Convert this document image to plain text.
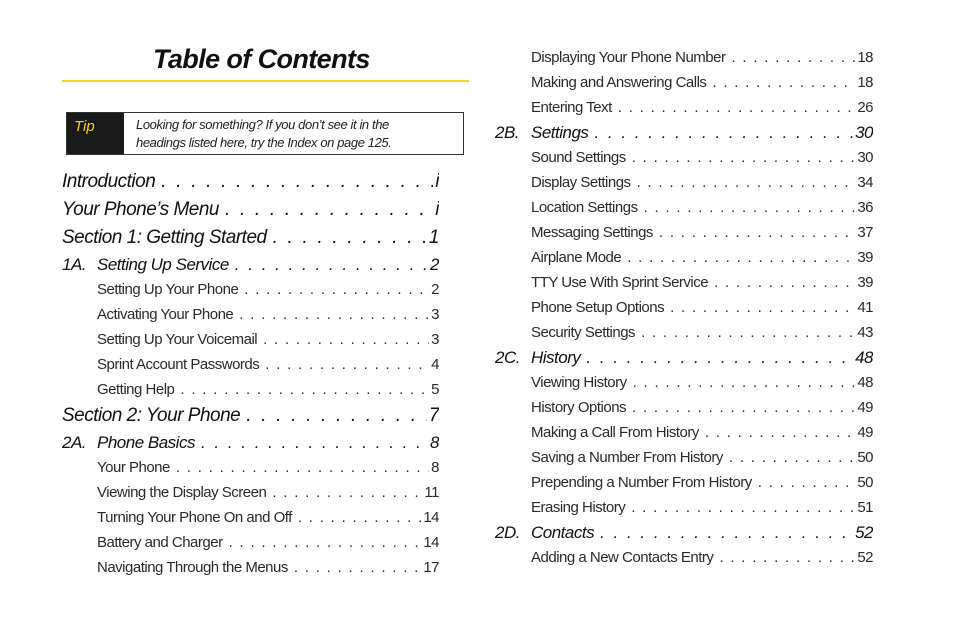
Table of Contents
Tip	Looking for something? If you don’t see it in the
headings listed here, try the Index on page 125.
Introduction . . .	i
Your Phone’s Menu . . .	i
Section 1: Getting Started . . .	1
1A. Setting Up Service . . .	2
Setting Up Your Phone . . .	2
Activating Your Phone . . .	3
Setting Up Your Voicemail . . .	3
Sprint Account Passwords . . .	4
Getting Help . . .	5
Section 2: Your Phone . . .	7
2A. Phone Basics . . .	8
Your Phone . . .	8
Viewing the Display Screen . . .	11
Turning Your Phone On and Off . . .	14
Battery and Charger . . .	14
Navigating Through the Menus . . .	17
Displaying Your Phone Number . . .	18
Making and Answering Calls . . .	18
Entering Text . . .	26
2B. Settings . . .	30
Sound Settings . . .	30
Display Settings . . .	34
Location Settings . . .	36
Messaging Settings . . .	37
Airplane Mode . . .	39
TTY Use With Sprint Service . . .	39
Phone Setup Options . . .	41
Security Settings . . .	43
2C. History . . .	48
Viewing History . . .	48
History Options . . .	49
Making a Call From History . . .	49
Saving a Number From History . . .	50
Prepending a Number From History . . .	50
Erasing History . . .	51
2D. Contacts . . .	52
Adding a New Contacts Entry . . .	52
